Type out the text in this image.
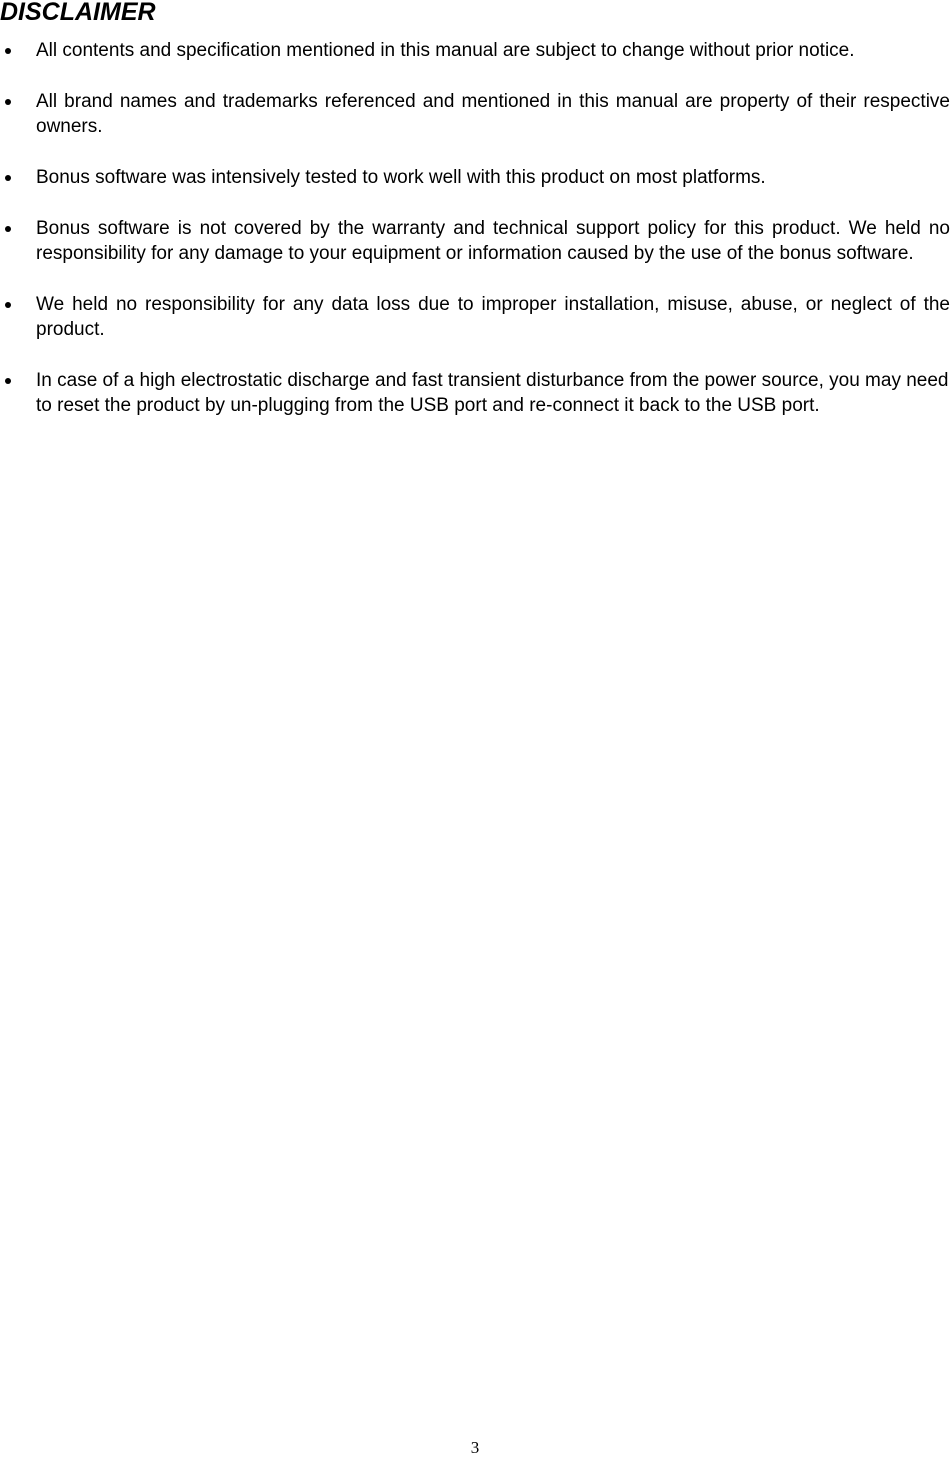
DISCLAIMER
All contents and specification mentioned in this manual are subject to change without prior notice.
All brand names and trademarks referenced and mentioned in this manual are property of their respective owners.
Bonus software was intensively tested to work well with this product on most platforms.
Bonus software is not covered by the warranty and technical support policy for this product. We held no responsibility for any damage to your equipment or information caused by the use of the bonus software.
We held no responsibility for any data loss due to improper installation, misuse, abuse, or neglect of the product.
In case of a high electrostatic discharge and fast transient disturbance from the power source, you may need to reset the product by un-plugging from the USB port and re-connect it back to the USB port.
3
